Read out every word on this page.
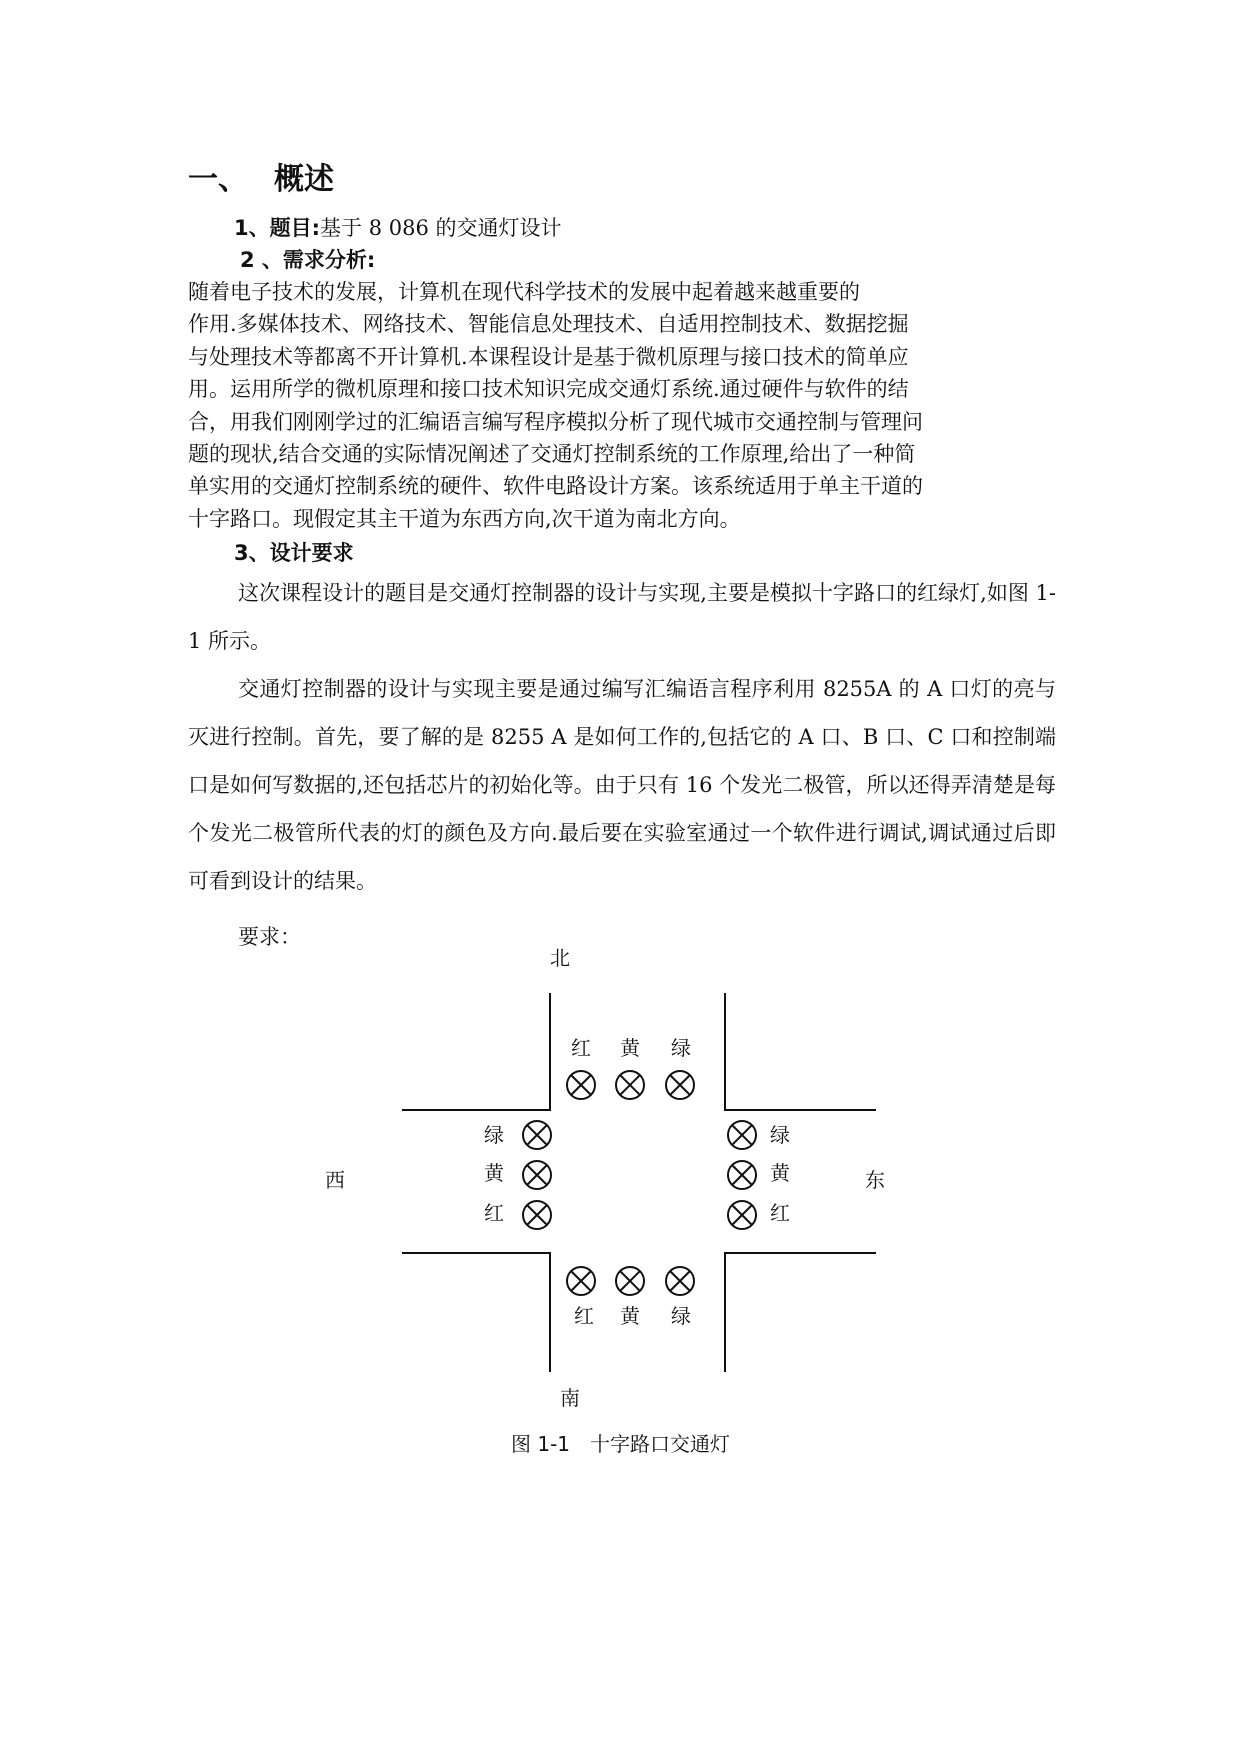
一、 概述

1、题目:基于 8 086 的交通灯设计

2 、需求分析:

随着电子技术的发展，计算机在现代科学技术的发展中起着越来越重要的

作用.多媒体技术、网络技术、智能信息处理技术、自适用控制技术、数据挖掘

与处理技术等都离不开计算机.本课程设计是基于微机原理与接口技术的简单应

用。运用所学的微机原理和接口技术知识完成交通灯系统.通过硬件与软件的结

合，用我们刚刚学过的汇编语言编写程序模拟分析了现代城市交通控制与管理问

题的现状,结合交通的实际情况阐述了交通灯控制系统的工作原理,给出了一种简

单实用的交通灯控制系统的硬件、软件电路设计方案。该系统适用于单主干道的

十字路口。现假定其主干道为东西方向,次干道为南北方向。

3、设计要求

这次课程设计的题目是交通灯控制器的设计与实现,主要是模拟十字路口的红绿灯,如图 1-1 所示。

交通灯控制器的设计与实现主要是通过编写汇编语言程序利用 8255A 的 A 口灯的亮与灭进行控制。首先，要了解的是 8255 A 是如何工作的,包括它的 A 口、B 口、C 口和控制端口是如何写数据的,还包括芯片的初始化等。由于只有 16 个发光二极管，所以还得弄清楚是每个发光二极管所代表的灯的颜色及方向.最后要在实验室通过一个软件进行调试,调试通过后即可看到设计的结果。

要求：

北
南
西	东
红 黄 绿
红 黄 绿
绿
黄
红
绿
黄
红
图 1-1 十字路口交通灯
